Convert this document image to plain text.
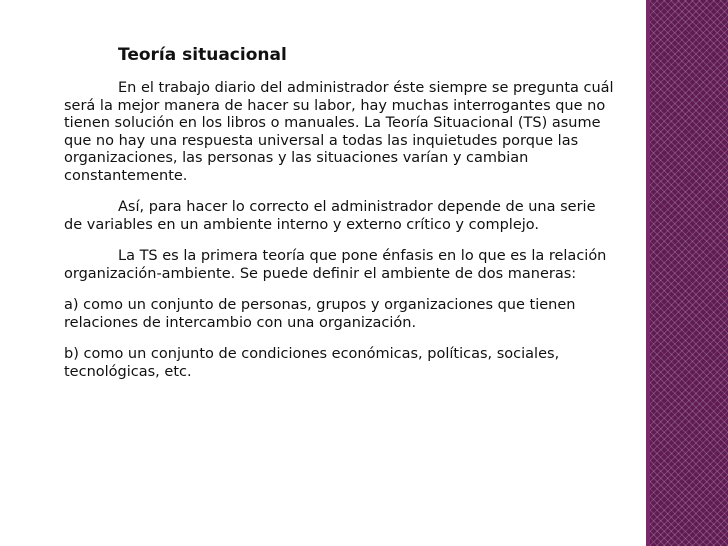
Teoría situacional

En el trabajo diario del administrador éste siempre se pregunta cuál será la mejor manera de hacer su labor, hay muchas interrogantes que no tienen solución en los libros o manuales. La Teoría Situacional (TS) asume que no hay una respuesta universal a todas las inquietudes porque las organizaciones, las personas y las situaciones varían y cambian constantemente.

Así, para hacer lo correcto el administrador depende de una serie de variables en un ambiente interno y externo crítico y complejo.

La TS es la primera teoría que pone énfasis en lo que es la relación organización-ambiente. Se puede definir el ambiente de dos maneras:

a) como un conjunto de personas, grupos y organizaciones que tienen relaciones de intercambio con una organización.

b) como un conjunto de condiciones económicas, políticas, sociales, tecnológicas, etc.
